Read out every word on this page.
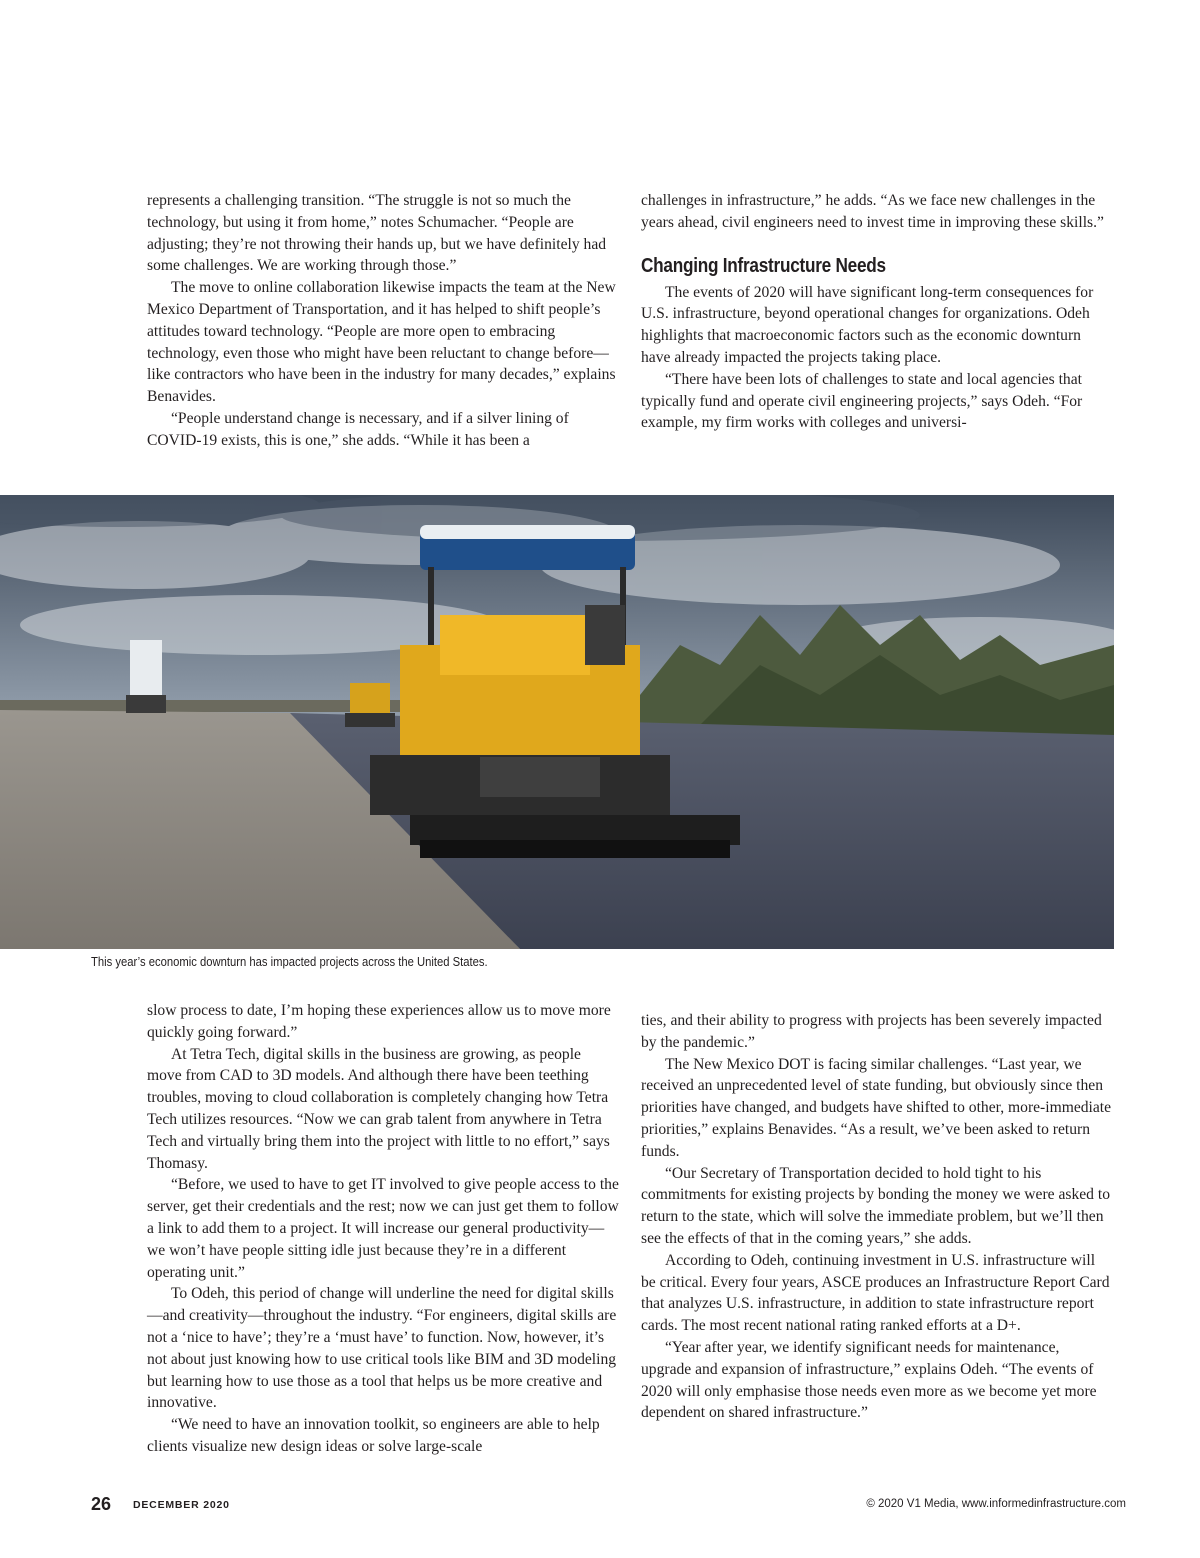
represents a challenging transition. “The struggle is not so much the technology, but using it from home,” notes Schumacher. “People are adjusting; they’re not throwing their hands up, but we have definitely had some challenges. We are working through those.”

The move to online collaboration likewise impacts the team at the New Mexico Department of Transportation, and it has helped to shift people’s attitudes toward technology. “People are more open to embracing technology, even those who might have been reluctant to change before—like contractors who have been in the industry for many decades,” explains Benavides.

“People understand change is necessary, and if a silver lining of COVID-19 exists, this is one,” she adds. “While it has been a

challenges in infrastructure,” he adds. “As we face new challenges in the years ahead, civil engineers need to invest time in improving these skills.”

Changing Infrastructure Needs

The events of 2020 will have significant long-term consequences for U.S. infrastructure, beyond operational changes for organizations. Odeh highlights that macroeconomic factors such as the economic downturn have already impacted the projects taking place.

“There have been lots of challenges to state and local agencies that typically fund and operate civil engineering projects,” says Odeh. “For example, my firm works with colleges and universi-

This year’s economic downturn has impacted projects across the United States.

slow process to date, I’m hoping these experiences allow us to move more quickly going forward.”

At Tetra Tech, digital skills in the business are growing, as people move from CAD to 3D models. And although there have been teething troubles, moving to cloud collaboration is completely changing how Tetra Tech utilizes resources. “Now we can grab talent from anywhere in Tetra Tech and virtually bring them into the project with little to no effort,” says Thomasy.

“Before, we used to have to get IT involved to give people access to the server, get their credentials and the rest; now we can just get them to follow a link to add them to a project. It will increase our general productivity—we won’t have people sitting idle just because they’re in a different operating unit.”

To Odeh, this period of change will underline the need for digital skills—and creativity—throughout the industry. “For engineers, digital skills are not a ‘nice to have’; they’re a ‘must have’ to function. Now, however, it’s not about just knowing how to use critical tools like BIM and 3D modeling but learning how to use those as a tool that helps us be more creative and innovative.

“We need to have an innovation toolkit, so engineers are able to help clients visualize new design ideas or solve large-scale

ties, and their ability to progress with projects has been severely impacted by the pandemic.”

The New Mexico DOT is facing similar challenges. “Last year, we received an unprecedented level of state funding, but obviously since then priorities have changed, and budgets have shifted to other, more-immediate priorities,” explains Benavides. “As a result, we’ve been asked to return funds.

“Our Secretary of Transportation decided to hold tight to his commitments for existing projects by bonding the money we were asked to return to the state, which will solve the immediate problem, but we’ll then see the effects of that in the coming years,” she adds.

According to Odeh, continuing investment in U.S. infrastructure will be critical. Every four years, ASCE produces an Infrastructure Report Card that analyzes U.S. infrastructure, in addition to state infrastructure report cards. The most recent national rating ranked efforts at a D+.

“Year after year, we identify significant needs for maintenance, upgrade and expansion of infrastructure,” explains Odeh. “The events of 2020 will only emphasise those needs even more as we become yet more dependent on shared infrastructure.”

26 DECEMBER 2020	© 2020 V1 Media, www.informedinfrastructure.com
